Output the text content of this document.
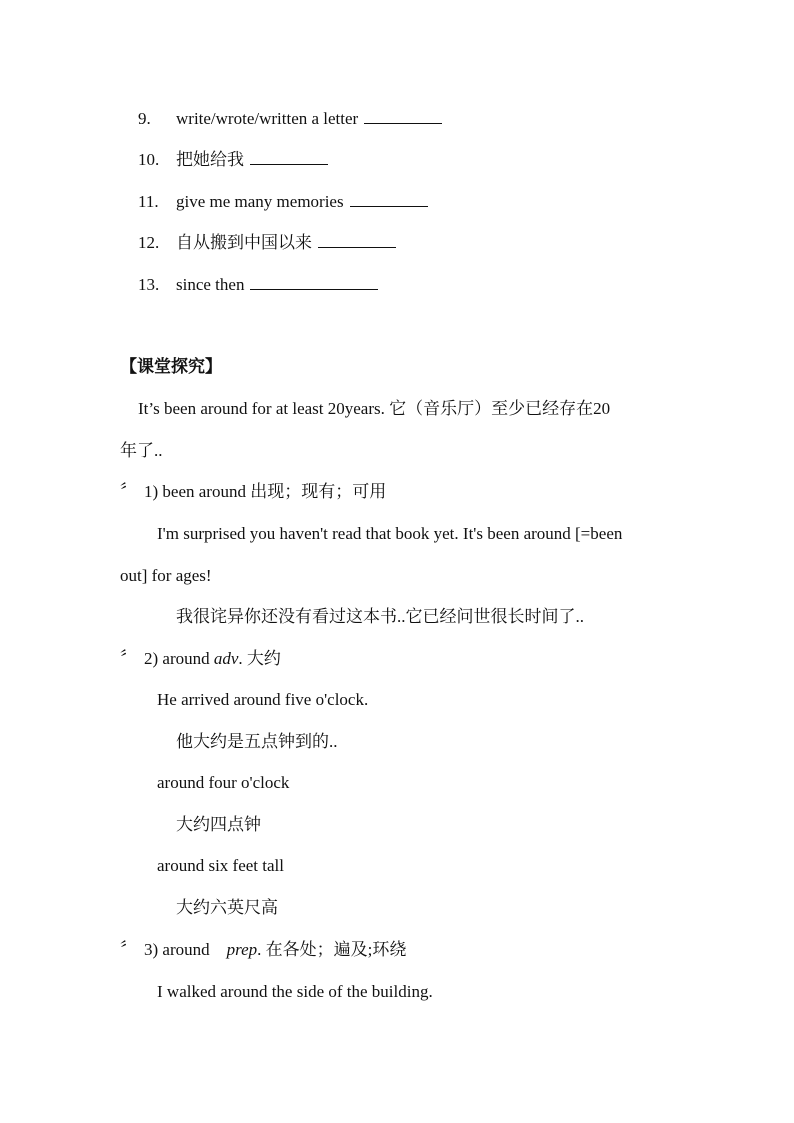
9. write/wrote/written a letter
10. 把她给我
11. give me many memories
12. 自从搬到中国以来
13. since then
【课堂探究】
It’s been around for at least 20years. 它（音乐厅）至少已经存在20
年了..
〞 1) been around 出现；现有；可用
I'm surprised you haven't read that book yet. It's been around [=been
out] for ages!
我很诧异你还没有看过这本书..它已经问世很长时间了..
〞 2) around adv. 大约
He arrived around five o'clock.
他大约是五点钟到的..
around four o'clock
大约四点钟
around six feet tall
大约六英尺高
〞 3) around prep. 在各处；遍及;环绕
I walked around the side of the building.
